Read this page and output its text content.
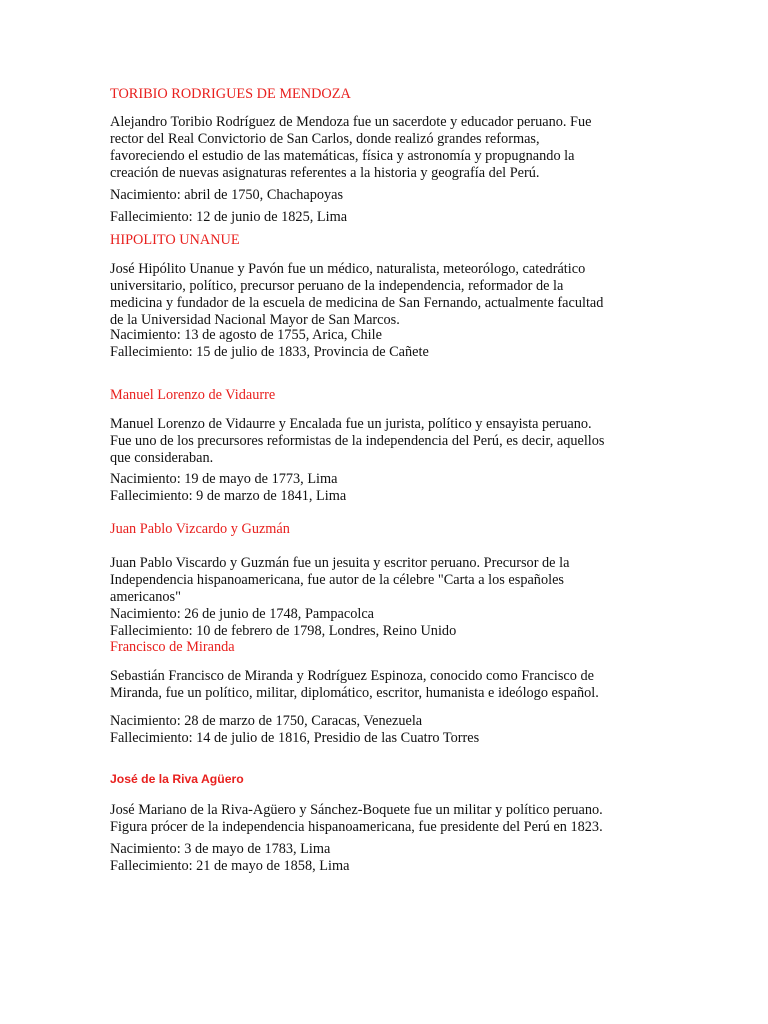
TORIBIO RODRIGUES DE MENDOZA
Alejandro Toribio Rodríguez de Mendoza fue un sacerdote y educador peruano. Fue
rector del Real Convictorio de San Carlos, donde realizó grandes reformas,
favoreciendo el estudio de las matemáticas, física y astronomía y propugnando la
creación de nuevas asignaturas referentes a la historia y geografía del Perú.
Nacimiento: abril de 1750, Chachapoyas
Fallecimiento: 12 de junio de 1825, Lima
HIPOLITO UNANUE
José Hipólito Unanue y Pavón fue un médico, naturalista, meteorólogo, catedrático
universitario, político, precursor peruano de la independencia, reformador de la
medicina y fundador de la escuela de medicina de San Fernando, actualmente facultad
de la Universidad Nacional Mayor de San Marcos.
Nacimiento: 13 de agosto de 1755, Arica, Chile
Fallecimiento: 15 de julio de 1833, Provincia de Cañete
Manuel Lorenzo de Vidaurre
Manuel Lorenzo de Vidaurre y Encalada fue un jurista, político y ensayista peruano.
Fue uno de los precursores reformistas de la independencia del Perú, es decir, aquellos
que consideraban.
Nacimiento: 19 de mayo de 1773, Lima
Fallecimiento: 9 de marzo de 1841, Lima
Juan Pablo Vizcardo y Guzmán
Juan Pablo Viscardo y Guzmán fue un jesuita y escritor peruano. Precursor de la
Independencia hispanoamericana, fue autor de la célebre "Carta a los españoles
americanos"
Nacimiento: 26 de junio de 1748, Pampacolca
Fallecimiento: 10 de febrero de 1798, Londres, Reino Unido
Francisco de Miranda
Sebastián Francisco de Miranda y Rodríguez Espinoza, conocido como Francisco de
Miranda, fue un político, militar, diplomático, escritor, humanista e ideólogo español.
Nacimiento: 28 de marzo de 1750, Caracas, Venezuela
Fallecimiento: 14 de julio de 1816, Presidio de las Cuatro Torres
José de la Riva Agüero
José Mariano de la Riva-Agüero y Sánchez-Boquete fue un militar y político peruano.
Figura prócer de la independencia hispanoamericana, fue presidente del Perú en 1823.
Nacimiento: 3 de mayo de 1783, Lima
Fallecimiento: 21 de mayo de 1858, Lima
